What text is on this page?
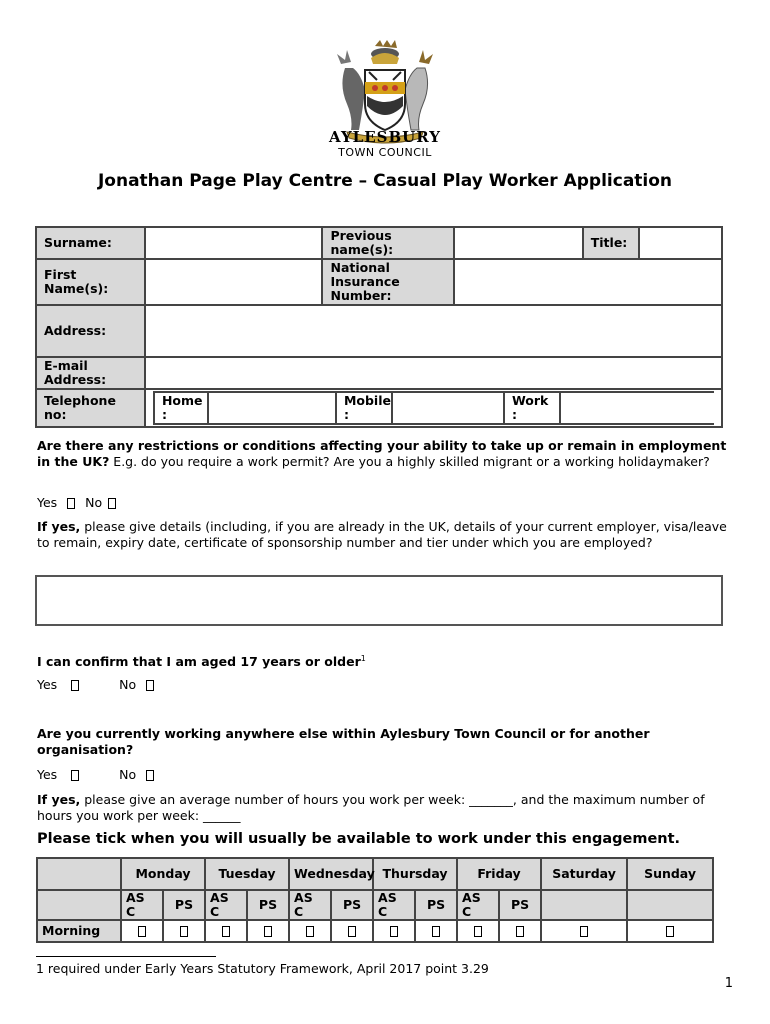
AYLESBURY
TOWN COUNCIL
Jonathan Page Play Centre – Casual Play Worker Application
Surname:		Previous name(s):		Title:	
First Name(s):		National Insurance Number:	
Address:	
E-mail Address:	
Telephone no:	
Home :		Mobile :		Work :	
Are there any restrictions or conditions affecting your ability to take up or remain in employment in the UK? E.g. do you require a work permit? Are you a highly skilled migrant or a working holidaymaker?
Yes No
If yes, please give details (including, if you are already in the UK, details of your current employer, visa/leave to remain, expiry date, certificate of sponsorship number and tier under which you are employed?
I can confirm that I am aged 17 years or older$^1$
Yes	No
Are you currently working anywhere else within Aylesbury Town Council or for another organisation?
Yes	No
If yes, please give an average number of hours you work per week: _______, and the maximum number of hours you work per week: ______
Please tick when you will usually be available to work under this engagement.
	Monday		Tuesday		Wednesday		Thursday		Friday		Saturday	Sunday
	AS C	PS	AS C	PS	AS C	PS	AS C	PS	AS C	PS		
Morning												
1 required under Early Years Statutory Framework, April 2017 point 3.29
1
